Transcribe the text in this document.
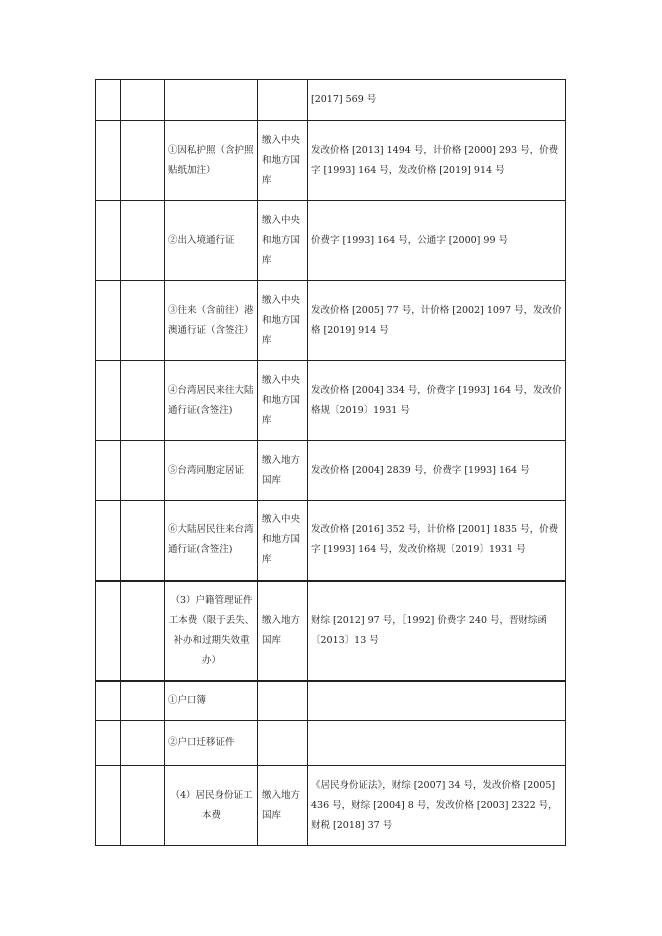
				[2017] 569 号

		①因私护照（含护照贴纸加注）	缴入中央和地方国库	发改价格 [2013] 1494 号，计价格 [2000] 293 号，价费字 [1993] 164 号，发改价格 [2019] 914 号

		②出入境通行证	缴入中央和地方国库	价费字 [1993] 164 号，公通字 [2000] 99 号

		③往来（含前往）港澳通行证（含签注）	缴入中央和地方国库	发改价格 [2005] 77 号，计价格 [2002] 1097 号，发改价格 [2019] 914 号

		④台湾居民来往大陆通行证(含签注)	缴入中央和地方国库	发改价格 [2004] 334 号，价费字 [1993] 164 号，发改价格规〔2019〕1931 号

		⑤台湾同胞定居证	缴入地方国库	发改价格 [2004] 2839 号，价费字 [1993] 164 号

		⑥大陆居民往来台湾通行证(含签注)	缴入中央和地方国库	发改价格 [2016] 352 号，计价格 [2001] 1835 号，价费字 [1993] 164 号，发改价格规〔2019〕1931 号

		（3）户籍管理证件工本费（限于丢失、补办和过期失效重办）	缴入地方国库	财综 [2012] 97 号，［1992] 价费字 240 号，晋财综函〔2013〕13 号

		①户口簿		

		②户口迁移证件		

		（4）居民身份证工本费	缴入地方国库	《居民身份证法》，财综 [2007] 34 号，发改价格 [2005] 436 号，财综 [2004] 8 号，发改价格 [2003] 2322 号，财税 [2018] 37 号
